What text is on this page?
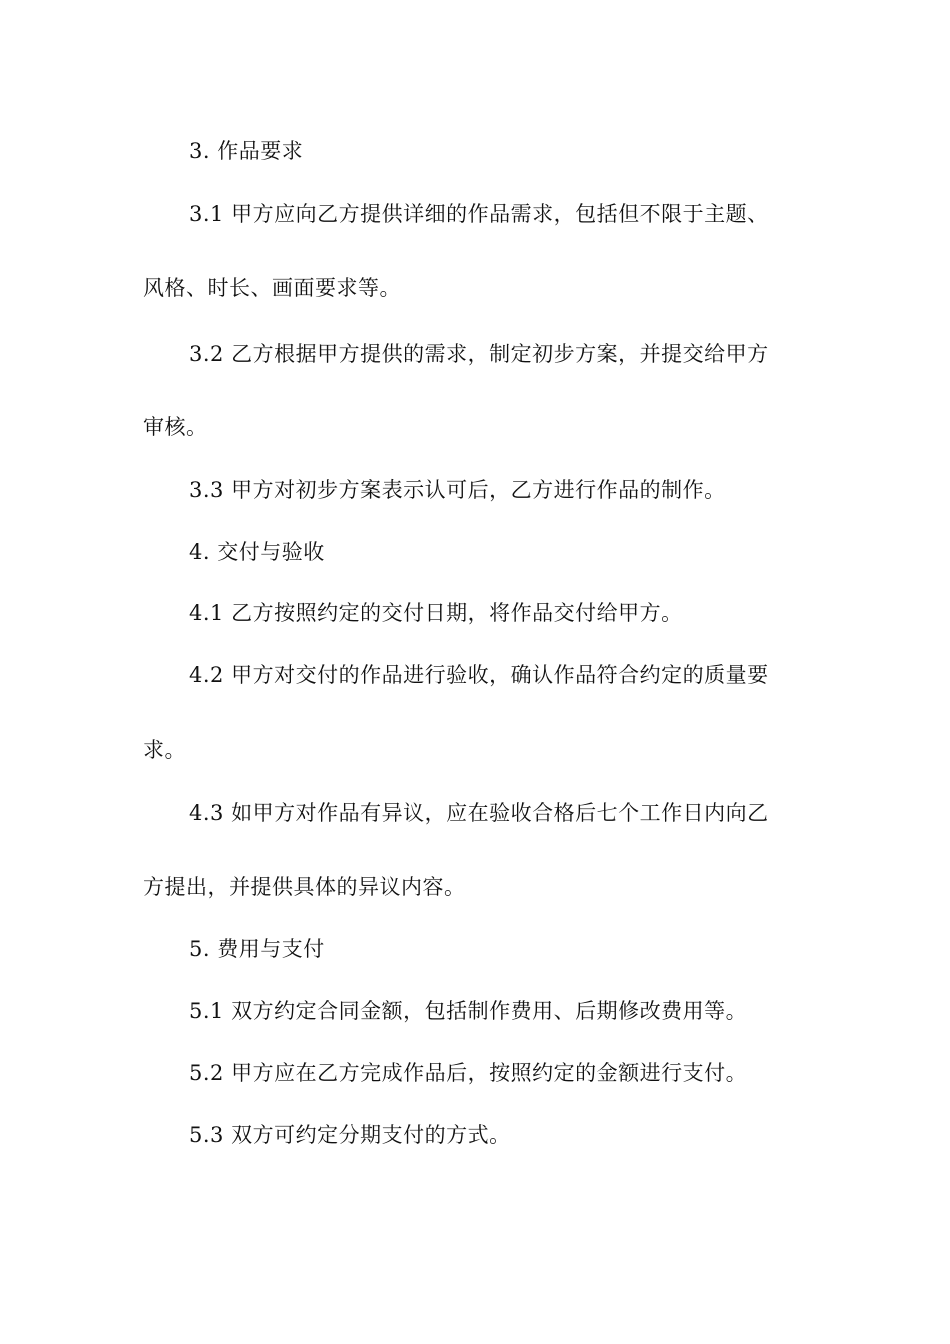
3. 作品要求
3.1 甲方应向乙方提供详细的作品需求，包括但不限于主题、
风格、时长、画面要求等。
3.2 乙方根据甲方提供的需求，制定初步方案，并提交给甲方
审核。
3.3 甲方对初步方案表示认可后，乙方进行作品的制作。
4. 交付与验收
4.1 乙方按照约定的交付日期，将作品交付给甲方。
4.2 甲方对交付的作品进行验收，确认作品符合约定的质量要
求。
4.3 如甲方对作品有异议，应在验收合格后七个工作日内向乙
方提出，并提供具体的异议内容。
5. 费用与支付
5.1 双方约定合同金额，包括制作费用、后期修改费用等。
5.2 甲方应在乙方完成作品后，按照约定的金额进行支付。
5.3 双方可约定分期支付的方式。
